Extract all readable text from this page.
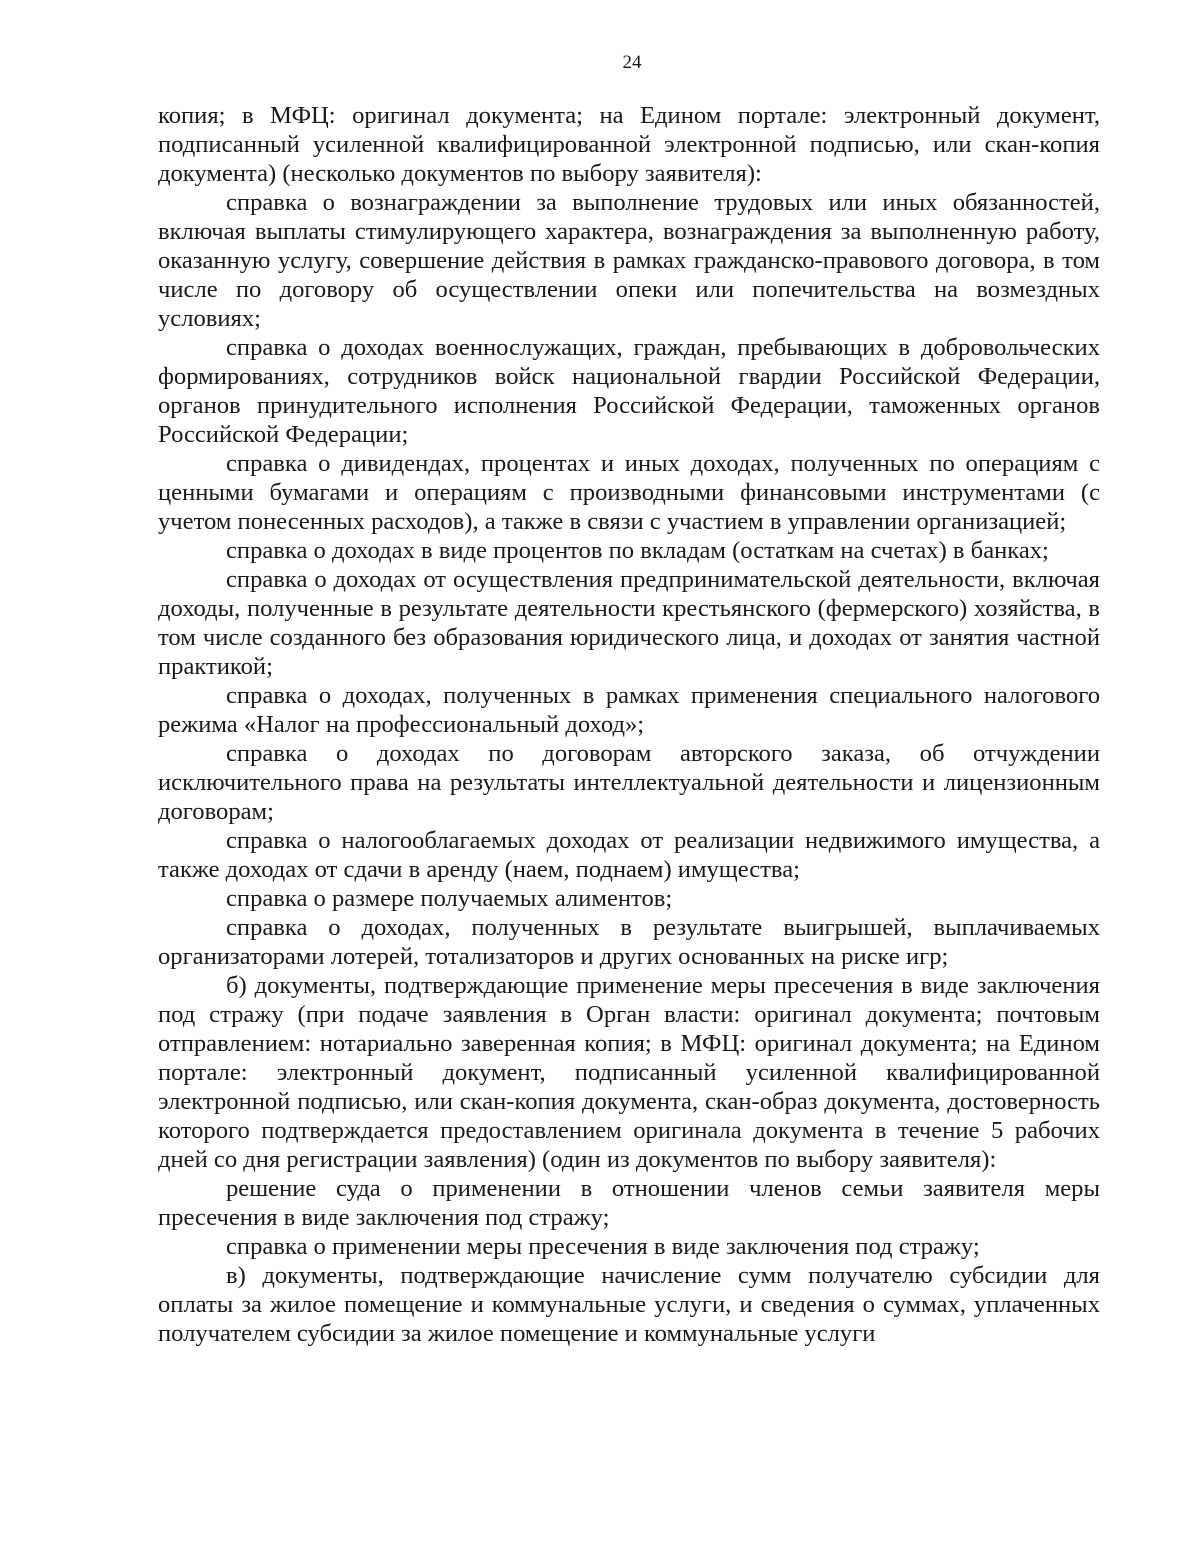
24

копия; в МФЦ: оригинал документа; на Едином портале: электронный документ, подписанный усиленной квалифицированной электронной подписью, или скан-копия документа) (несколько документов по выбору заявителя):

справка о вознаграждении за выполнение трудовых или иных обязанностей, включая выплаты стимулирующего характера, вознаграждения за выполненную работу, оказанную услугу, совершение действия в рамках гражданско-правового договора, в том числе по договору об осуществлении опеки или попечительства на возмездных условиях;

справка о доходах военнослужащих, граждан, пребывающих в добровольческих формированиях, сотрудников войск национальной гвардии Российской Федерации, органов принудительного исполнения Российской Федерации, таможенных органов Российской Федерации;

справка о дивидендах, процентах и иных доходах, полученных по операциям с ценными бумагами и операциям с производными финансовыми инструментами (с учетом понесенных расходов), а также в связи с участием в управлении организацией;

справка о доходах в виде процентов по вкладам (остаткам на счетах) в банках;

справка о доходах от осуществления предпринимательской деятельности, включая доходы, полученные в результате деятельности крестьянского (фермерского) хозяйства, в том числе созданного без образования юридического лица, и доходах от занятия частной практикой;

справка о доходах, полученных в рамках применения специального налогового режима «Налог на профессиональный доход»;

справка о доходах по договорам авторского заказа, об отчуждении исключительного права на результаты интеллектуальной деятельности и лицензионным договорам;

справка о налогооблагаемых доходах от реализации недвижимого имущества, а также доходах от сдачи в аренду (наем, поднаем) имущества;

справка о размере получаемых алиментов;

справка о доходах, полученных в результате выигрышей, выплачиваемых организаторами лотерей, тотализаторов и других основанных на риске игр;

б) документы, подтверждающие применение меры пресечения в виде заключения под стражу (при подаче заявления в Орган власти: оригинал документа; почтовым отправлением: нотариально заверенная копия; в МФЦ: оригинал документа; на Едином портале: электронный документ, подписанный усиленной квалифицированной электронной подписью, или скан-копия документа, скан-образ документа, достоверность которого подтверждается предоставлением оригинала документа в течение 5 рабочих дней со дня регистрации заявления) (один из документов по выбору заявителя):

решение суда о применении в отношении членов семьи заявителя меры пресечения в виде заключения под стражу;

справка о применении меры пресечения в виде заключения под стражу;

в) документы, подтверждающие начисление сумм получателю субсидии для оплаты за жилое помещение и коммунальные услуги, и сведения о суммах, уплаченных получателем субсидии за жилое помещение и коммунальные услуги
